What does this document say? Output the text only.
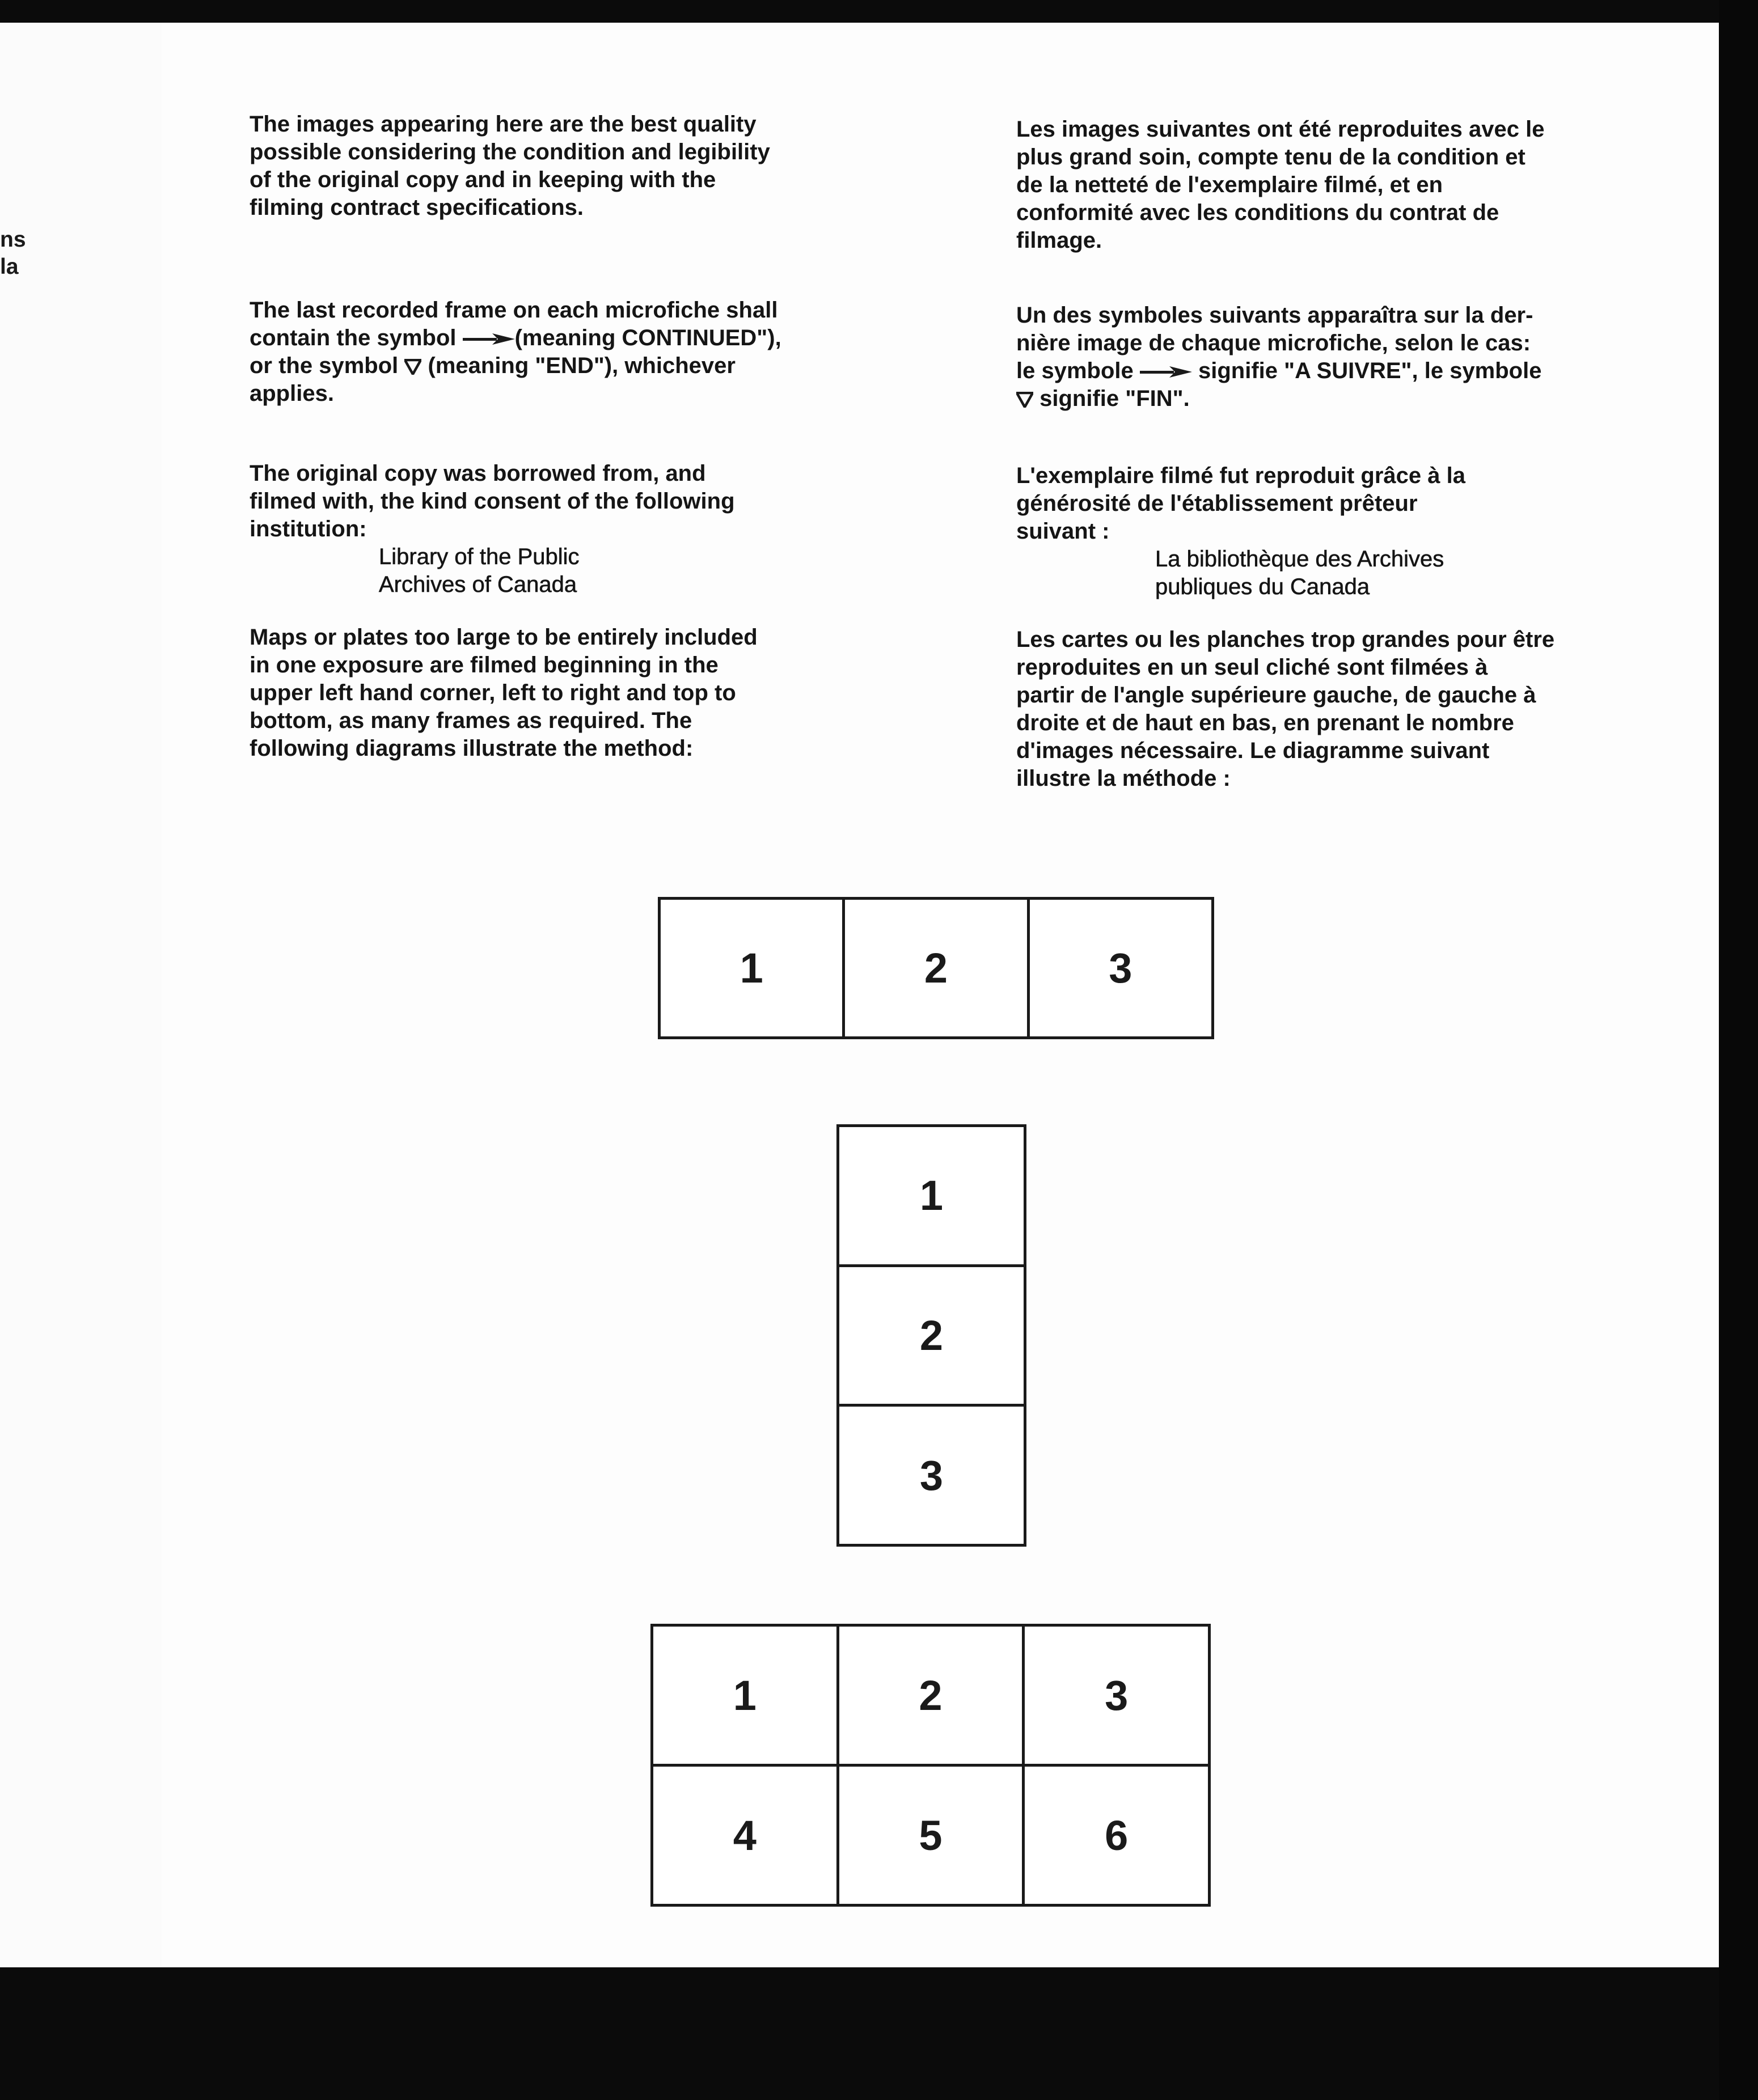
ns
la

The images appearing here are the best quality
possible considering the condition and legibility
of the original copy and in keeping with the
filming contract specifications.

The last recorded frame on each microfiche shall
contain the symbol	(meaning CONTINUED"),
or the symbol  (meaning "END"), whichever
applies.

The original copy was borrowed from, and
filmed with, the kind consent of the following
institution:

Library of the Public
Archives of Canada

Maps or plates too large to be entirely included
in one exposure are filmed beginning in the
upper left hand corner, left to right and top to
bottom, as many frames as required. The
following diagrams illustrate the method:

Les images suivantes ont été reproduites avec le
plus grand soin, compte tenu de la condition et
de la netteté de l'exemplaire filmé, et en
conformité avec les conditions du contrat de
filmage.

Un des symboles suivants apparaîtra sur la der-
nière image de chaque microfiche, selon le cas:
le symbole	signifie "A SUIVRE", le symbole
signifie "FIN".

L'exemplaire filmé fut reproduit grâce à la
générosité de l'établissement prêteur
suivant :

La bibliothèque des Archives
publiques du Canada

Les cartes ou les planches trop grandes pour être
reproduites en un seul cliché sont filmées à
partir de l'angle supérieure gauche, de gauche à
droite et de haut en bas, en prenant le nombre
d'images nécessaire. Le diagramme suivant
illustre la méthode :

1	2	3
1
2
3
1	2	3
4	5	6
